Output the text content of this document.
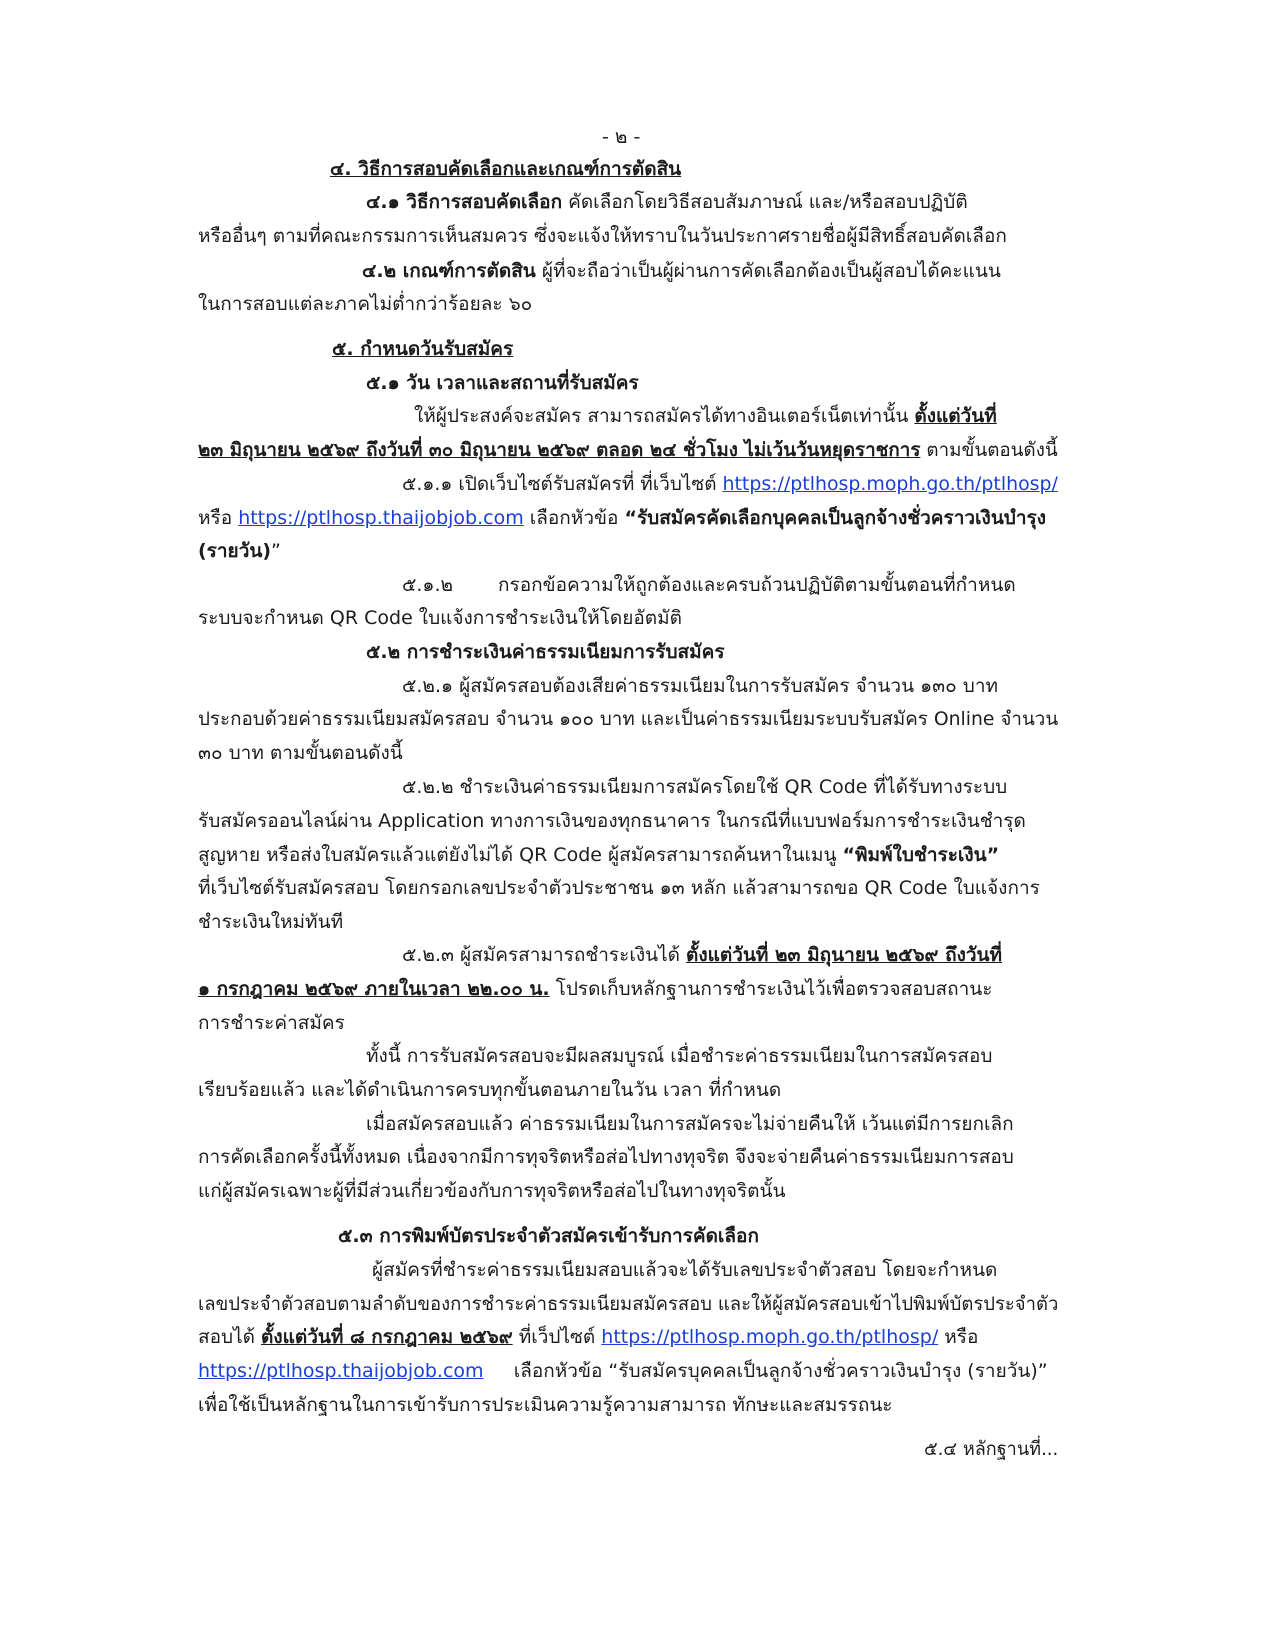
- ๒ -
๔. วิธีการสอบคัดเลือกและเกณฑ์การตัดสิน
๔.๑ วิธีการสอบคัดเลือก คัดเลือกโดยวิธีสอบสัมภาษณ์ และ/หรือสอบปฏิบัติ
หรืออื่นๆ ตามที่คณะกรรมการเห็นสมควร ซึ่งจะแจ้งให้ทราบในวันประกาศรายชื่อผู้มีสิทธิ์สอบคัดเลือก
๔.๒ เกณฑ์การตัดสิน ผู้ที่จะถือว่าเป็นผู้ผ่านการคัดเลือกต้องเป็นผู้สอบได้คะแนน
ในการสอบแต่ละภาคไม่ต่ำกว่าร้อยละ ๖๐
๕. กำหนดวันรับสมัคร
๕.๑ วัน เวลาและสถานที่รับสมัคร
ให้ผู้ประสงค์จะสมัคร สามารถสมัครได้ทางอินเตอร์เน็ตเท่านั้น ตั้งแต่วันที่
๒๓ มิถุนายน ๒๕๖๙ ถึงวันที่ ๓๐ มิถุนายน ๒๕๖๙ ตลอด ๒๔ ชั่วโมง ไม่เว้นวันหยุดราชการ ตามขั้นตอนดังนี้
๕.๑.๑ เปิดเว็บไซต์รับสมัครที่ ที่เว็บไซต์ https://ptlhosp.moph.go.th/ptlhosp/
หรือ https://ptlhosp.thaijobjob.com เลือกหัวข้อ “รับสมัครคัดเลือกบุคคลเป็นลูกจ้างชั่วคราวเงินบำรุง
(รายวัน)”
๕.๑.๒ กรอกข้อความให้ถูกต้องและครบถ้วนปฏิบัติตามขั้นตอนที่กำหนด
ระบบจะกำหนด QR Code ใบแจ้งการชำระเงินให้โดยอัตมัติ
๕.๒ การชำระเงินค่าธรรมเนียมการรับสมัคร
๕.๒.๑ ผู้สมัครสอบต้องเสียค่าธรรมเนียมในการรับสมัคร จำนวน ๑๓๐ บาท
ประกอบด้วยค่าธรรมเนียมสมัครสอบ จำนวน ๑๐๐ บาท และเป็นค่าธรรมเนียมระบบรับสมัคร Online จำนวน
๓๐ บาท ตามขั้นตอนดังนี้
๕.๒.๒ ชำระเงินค่าธรรมเนียมการสมัครโดยใช้ QR Code ที่ได้รับทางระบบ
รับสมัครออนไลน์ผ่าน Application ทางการเงินของทุกธนาคาร ในกรณีที่แบบฟอร์มการชำระเงินชำรุด
สูญหาย หรือส่งใบสมัครแล้วแต่ยังไม่ได้ QR Code ผู้สมัครสามารถค้นหาในเมนู “พิมพ์ใบชำระเงิน”
ที่เว็บไซต์รับสมัครสอบ โดยกรอกเลขประจำตัวประชาชน ๑๓ หลัก แล้วสามารถขอ QR Code ใบแจ้งการ
ชำระเงินใหม่ทันที
๕.๒.๓ ผู้สมัครสามารถชำระเงินได้ ตั้งแต่วันที่ ๒๓ มิถุนายน ๒๕๖๙ ถึงวันที่
๑ กรกฎาคม ๒๕๖๙ ภายในเวลา ๒๒.๐๐ น. โปรดเก็บหลักฐานการชำระเงินไว้เพื่อตรวจสอบสถานะ
การชำระค่าสมัคร
ทั้งนี้ การรับสมัครสอบจะมีผลสมบูรณ์ เมื่อชำระค่าธรรมเนียมในการสมัครสอบ
เรียบร้อยแล้ว และได้ดำเนินการครบทุกขั้นตอนภายในวัน เวลา ที่กำหนด
เมื่อสมัครสอบแล้ว ค่าธรรมเนียมในการสมัครจะไม่จ่ายคืนให้ เว้นแต่มีการยกเลิก
การคัดเลือกครั้งนี้ทั้งหมด เนื่องจากมีการทุจริตหรือส่อไปทางทุจริต จึงจะจ่ายคืนค่าธรรมเนียมการสอบ
แก่ผู้สมัครเฉพาะผู้ที่มีส่วนเกี่ยวข้องกับการทุจริตหรือส่อไปในทางทุจริตนั้น
๕.๓ การพิมพ์บัตรประจำตัวสมัครเข้ารับการคัดเลือก
ผู้สมัครที่ชำระค่าธรรมเนียมสอบแล้วจะได้รับเลขประจำตัวสอบ โดยจะกำหนด
เลขประจำตัวสอบตามลำดับของการชำระค่าธรรมเนียมสมัครสอบ และให้ผู้สมัครสอบเข้าไปพิมพ์บัตรประจำตัว
สอบได้ ตั้งแต่วันที่ ๘ กรกฎาคม ๒๕๖๙ ที่เว็ปไซต์ https://ptlhosp.moph.go.th/ptlhosp/ หรือ
https://ptlhosp.thaijobjob.com เลือกหัวข้อ “รับสมัครบุคคลเป็นลูกจ้างชั่วคราวเงินบำรุง (รายวัน)”
เพื่อใช้เป็นหลักฐานในการเข้ารับการประเมินความรู้ความสามารถ ทักษะและสมรรถนะ
๕.๔ หลักฐานที่...
